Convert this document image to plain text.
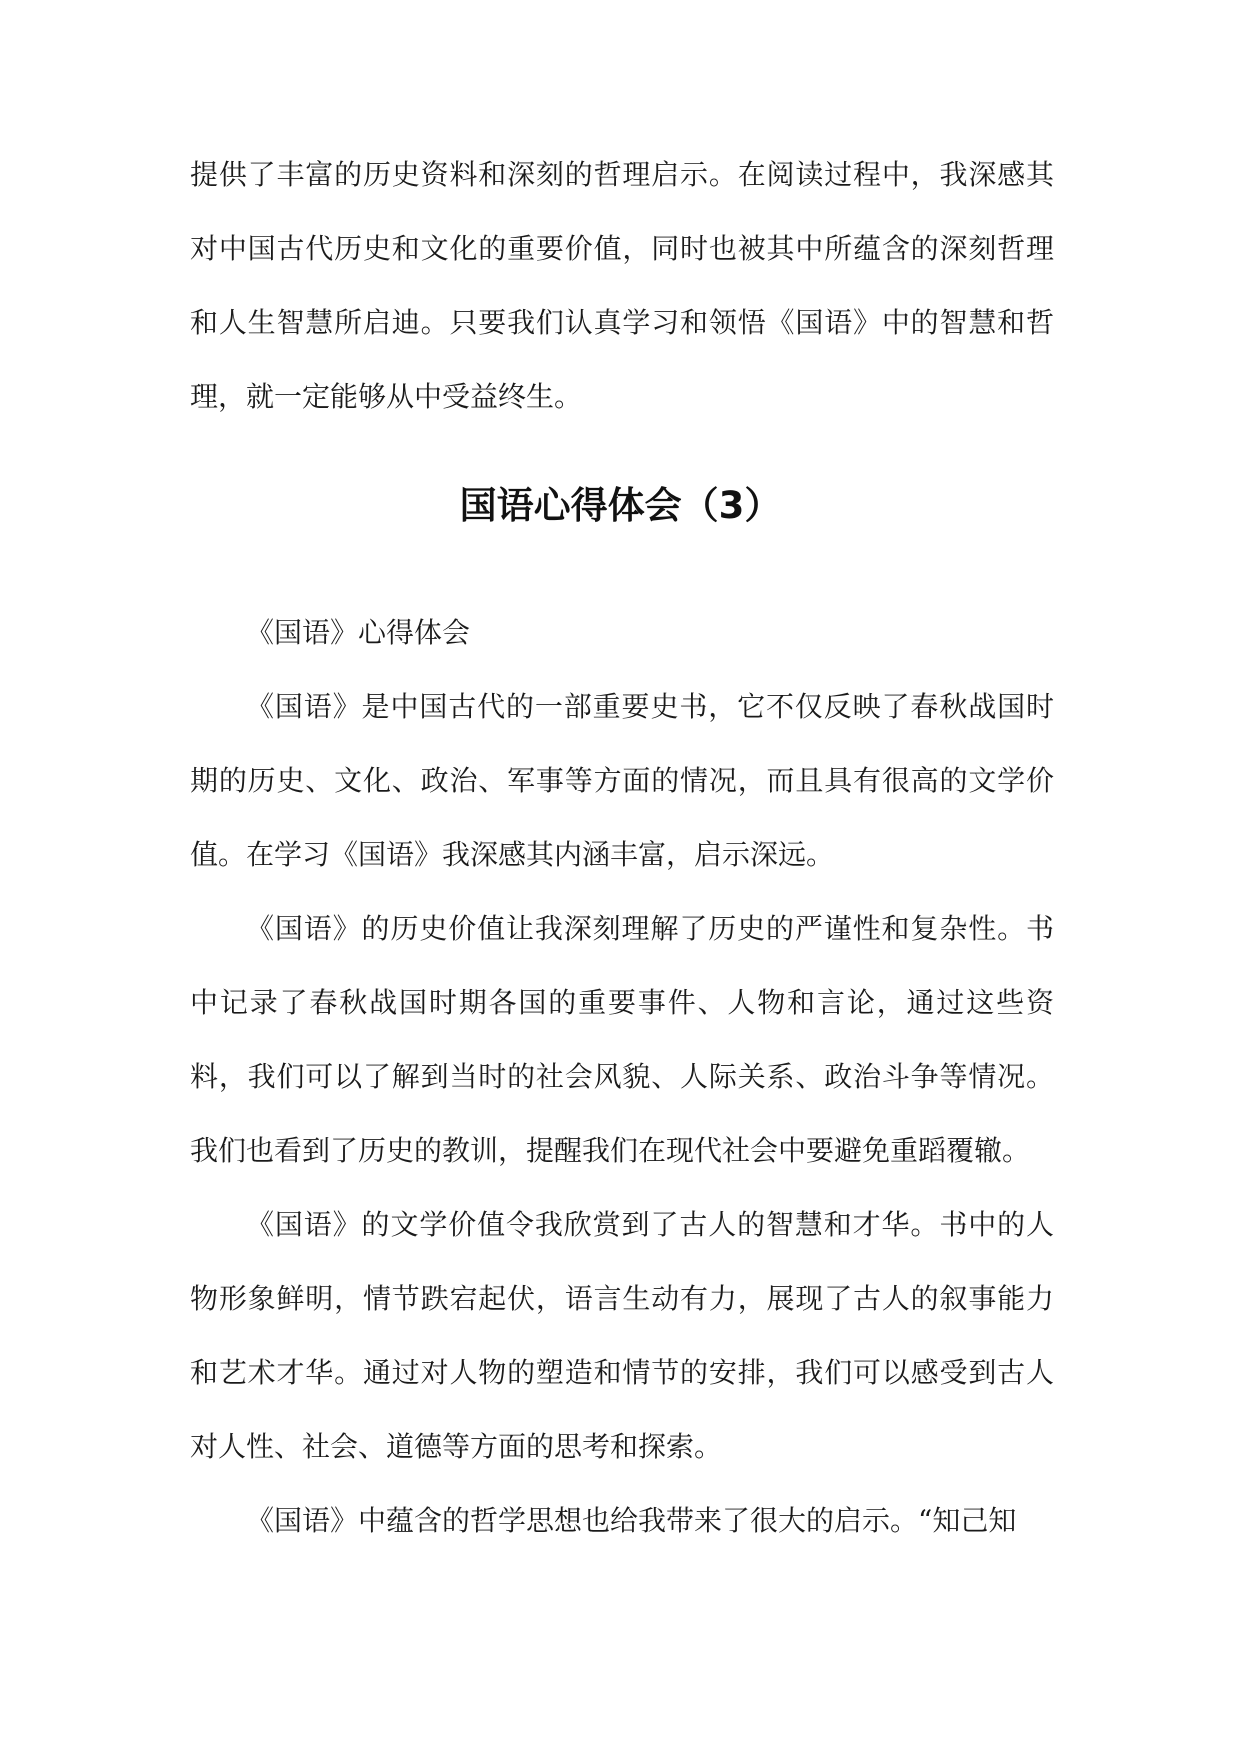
提供了丰富的历史资料和深刻的哲理启示。在阅读过程中，我深感其对中国古代历史和文化的重要价值，同时也被其中所蕴含的深刻哲理和人生智慧所启迪。只要我们认真学习和领悟《国语》中的智慧和哲理，就一定能够从中受益终生。

国语心得体会（3）

《国语》心得体会

《国语》是中国古代的一部重要史书，它不仅反映了春秋战国时期的历史、文化、政治、军事等方面的情况，而且具有很高的文学价值。在学习《国语》我深感其内涵丰富，启示深远。

《国语》的历史价值让我深刻理解了历史的严谨性和复杂性。书中记录了春秋战国时期各国的重要事件、人物和言论，通过这些资料，我们可以了解到当时的社会风貌、人际关系、政治斗争等情况。我们也看到了历史的教训，提醒我们在现代社会中要避免重蹈覆辙。

《国语》的文学价值令我欣赏到了古人的智慧和才华。书中的人物形象鲜明，情节跌宕起伏，语言生动有力，展现了古人的叙事能力和艺术才华。通过对人物的塑造和情节的安排，我们可以感受到古人对人性、社会、道德等方面的思考和探索。

《国语》中蕴含的哲学思想也给我带来了很大的启示。“知己知
